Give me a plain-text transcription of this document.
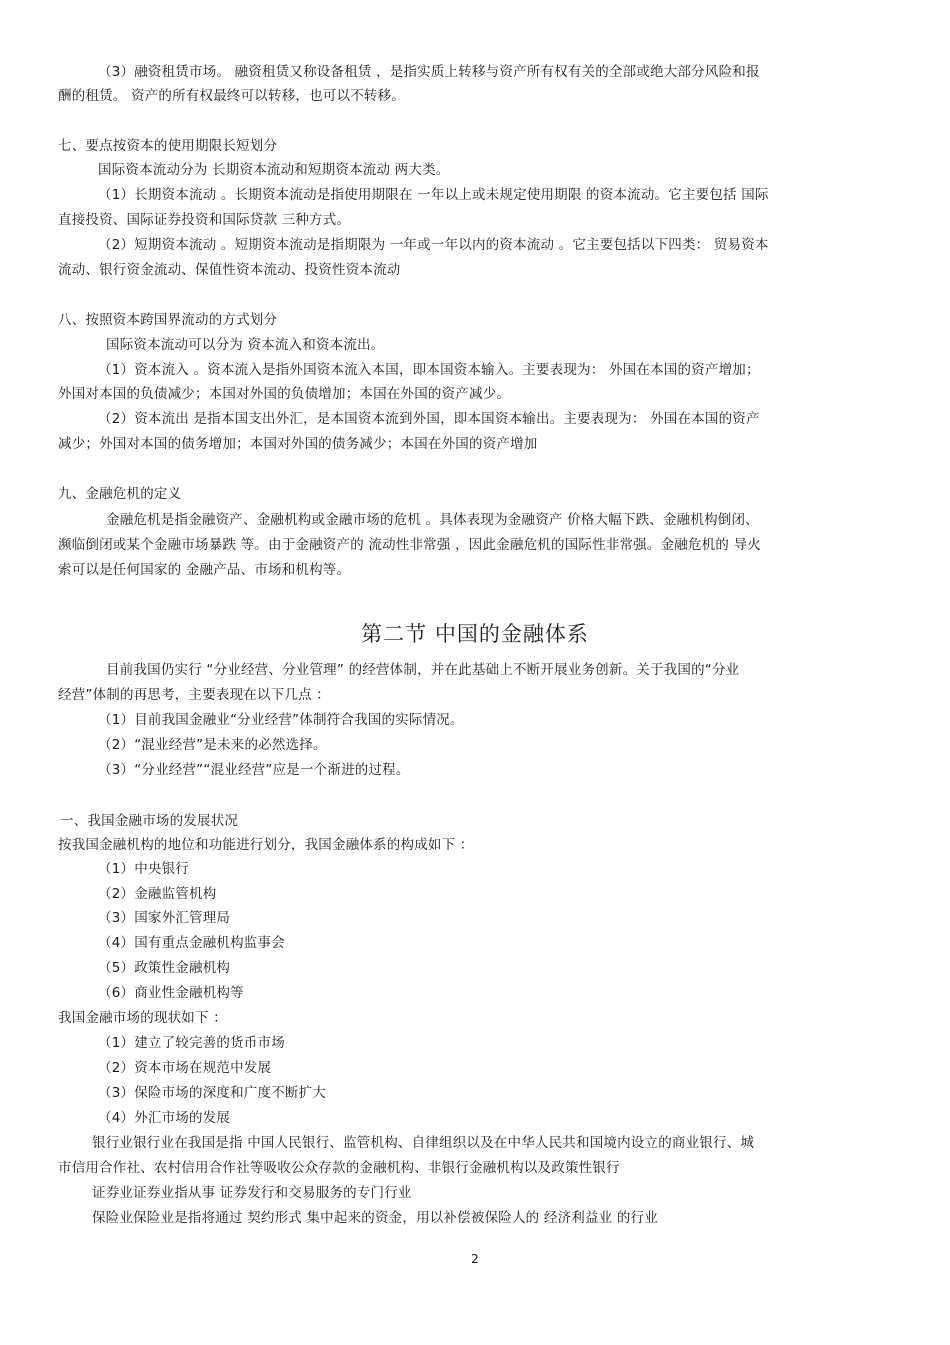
（3）融资租赁市场。 融资租赁又称设备租赁 ，是指实质上转移与资产所有权有关的全部或绝大部分风险和报
酬的租赁。 资产的所有权最终可以转移，也可以不转移。
七、要点按资本的使用期限长短划分
国际资本流动分为 长期资本流动和短期资本流动 两大类。
（1）长期资本流动 。长期资本流动是指使用期限在 一年以上或未规定使用期限 的资本流动。它主要包括 国际
直接投资、国际证券投资和国际贷款 三种方式。
（2）短期资本流动 。短期资本流动是指期限为 一年或一年以内的资本流动 。它主要包括以下四类： 贸易资本
流动、银行资金流动、保值性资本流动、投资性资本流动
八、按照资本跨国界流动的方式划分
国际资本流动可以分为 资本流入和资本流出。
（1）资本流入 。资本流入是指外国资本流入本国，即本国资本输入。主要表现为： 外国在本国的资产增加；
外国对本国的负债减少；本国对外国的负债增加；本国在外国的资产减少。
（2）资本流出 是指本国支出外汇，是本国资本流到外国，即本国资本输出。主要表现为： 外国在本国的资产
减少；外国对本国的债务增加；本国对外国的债务减少；本国在外国的资产增加
九、金融危机的定义
金融危机是指金融资产、金融机构或金融市场的危机 。具体表现为金融资产 价格大幅下跌、金融机构倒闭、
濒临倒闭或某个金融市场暴跌 等。由于金融资产的 流动性非常强 ，因此金融危机的国际性非常强。金融危机的 导火
索可以是任何国家的 金融产品、市场和机构等。
目前我国仍实行 “分业经营、分业管理” 的经营体制，并在此基础上不断开展业务创新。关于我国的“分业
经营”体制的再思考，主要表现在以下几点 ：
（1）目前我国金融业“分业经营”体制符合我国的实际情况。
（2）“混业经营”是未来的必然选择。
（3）“分业经营”“混业经营”应是一个渐进的过程。
一、我国金融市场的发展状况
按我国金融机构的地位和功能进行划分，我国金融体系的构成如下 ：
（1）中央银行
（2）金融监管机构
（3）国家外汇管理局
（4）国有重点金融机构监事会
（5）政策性金融机构
（6）商业性金融机构等
我国金融市场的现状如下 ：
（1）建立了较完善的货币市场
（2）资本市场在规范中发展
（3）保险市场的深度和广度不断扩大
（4）外汇市场的发展
银行业银行业在我国是指 中国人民银行、监管机构、自律组织以及在中华人民共和国境内设立的商业银行、城
市信用合作社、农村信用合作社等吸收公众存款的金融机构、非银行金融机构以及政策性银行
证券业证券业指从事 证券发行和交易服务的专门行业
保险业保险业是指将通过 契约形式 集中起来的资金，用以补偿被保险人的 经济利益业 的行业
第二节 中国的金融体系
2
